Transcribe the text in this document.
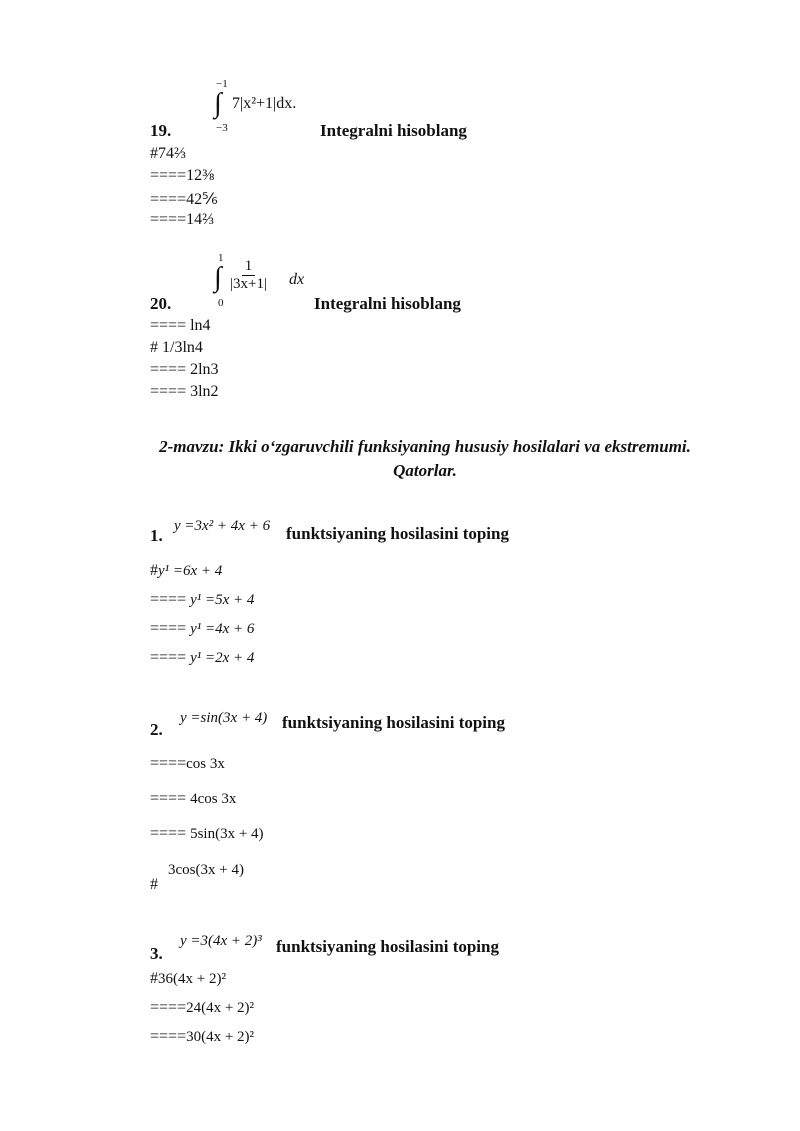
−1
∫ 7|x²+1|dx.
−3
19.	Integralni hisoblang
#74⅔
====12⅜
====42⅚
====14⅔
1
∫
0
$\frac{1}{|3x+1|}$ dx
20.	Integralni hisoblang
==== ln4
# 1/3ln4
==== 2ln3
==== 3ln2
2-mavzu: Ikki o‘zgaruvchili funksiyaning hususiy hosilalari va ekstremumi.
Qatorlar.
1. y =3x² + 4x + 6 funktsiyaning hosilasini toping
#y¹ =6x + 4
==== y¹ =5x + 4
==== y¹ =4x + 6
==== y¹ =2x + 4
y =sin(3x + 4)
2.	funktsiyaning hosilasini toping
====cos 3x
==== 4cos 3x
==== 5sin(3x + 4)
3cos(3x + 4)
#
y =3(4x + 2)³
3.	funktsiyaning hosilasini toping
#36(4x + 2)²
====24(4x + 2)²
====30(4x + 2)²
